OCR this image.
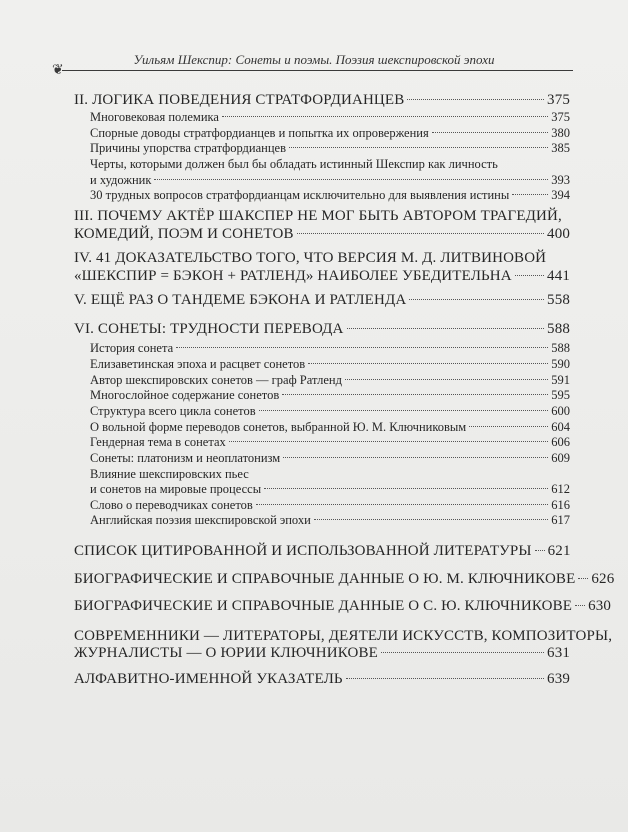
Уильям Шекспир: Сонеты и поэмы. Поэзия шекспировской эпохи
❦
II. ЛОГИКА ПОВЕДЕНИЯ СТРАТФОРДИАНЦЕВ	375
Многовековая полемика	375
Спорные доводы стратфордианцев и попытка их опровержения	380
Причины упорства стратфордианцев	385
Черты, которыми должен был бы обладать истинный Шекспир как личность
и художник	393
30 трудных вопросов стратфордианцам исключительно для выявления истины	394
III. ПОЧЕМУ АКТЁР ШАКСПЕР НЕ МОГ БЫТЬ АВТОРОМ ТРАГЕДИЙ,
КОМЕДИЙ, ПОЭМ И СОНЕТОВ	400
IV. 41 ДОКАЗАТЕЛЬСТВО ТОГО, ЧТО ВЕРСИЯ М. Д. ЛИТВИНОВОЙ
«ШЕКСПИР = БЭКОН + РАТЛЕНД» НАИБОЛЕЕ УБЕДИТЕЛЬНА 441
V. ЕЩЁ РАЗ О ТАНДЕМЕ БЭКОНА И РАТЛЕНДА	558
VI. СОНЕТЫ: ТРУДНОСТИ ПЕРЕВОДА	588
История сонета	588
Елизаветинская эпоха и расцвет сонетов	590
Автор шекспировских сонетов — граф Ратленд	591
Многослойное содержание сонетов	595
Структура всего цикла сонетов	600
О вольной форме переводов сонетов, выбранной Ю. М. Ключниковым	604
Гендерная тема в сонетах	606
Сонеты: платонизм и неоплатонизм	609
Влияние шекспировских пьес
и сонетов на мировые процессы	612
Слово о переводчиках сонетов	616
Английская поэзия шекспировской эпохи	617
СПИСОК ЦИТИРОВАННОЙ И ИСПОЛЬЗОВАННОЙ ЛИТЕРАТУРЫ 621
БИОГРАФИЧЕСКИЕ И СПРАВОЧНЫЕ ДАННЫЕ О Ю. М. КЛЮЧНИКОВЕ 626
БИОГРАФИЧЕСКИЕ И СПРАВОЧНЫЕ ДАННЫЕ О С. Ю. КЛЮЧНИКОВЕ 630
СОВРЕМЕННИКИ — ЛИТЕРАТОРЫ, ДЕЯТЕЛИ ИСКУССТВ, КОМПОЗИТОРЫ,
ЖУРНАЛИСТЫ — О ЮРИИ КЛЮЧНИКОВЕ	631
АЛФАВИТНО-ИМЕННОЙ УКАЗАТЕЛЬ	639
